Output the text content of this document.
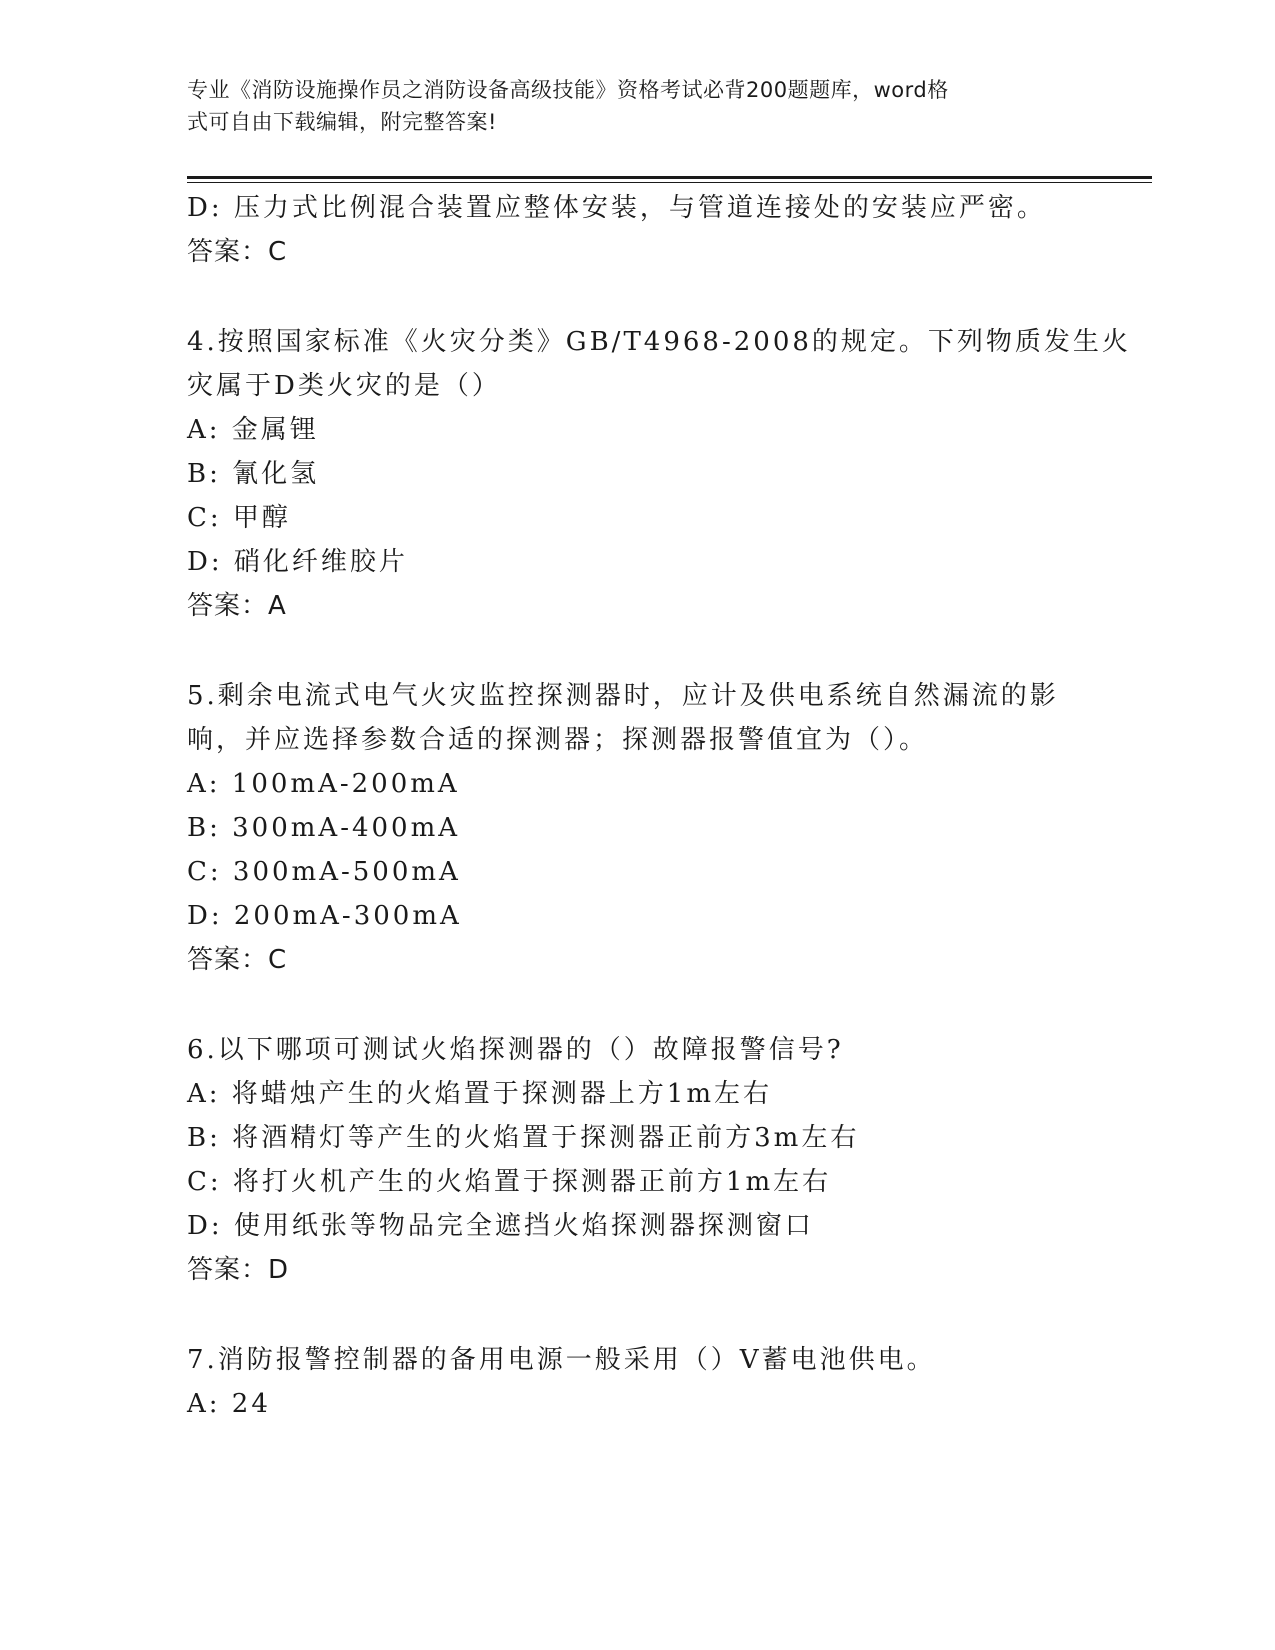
专业《消防设施操作员之消防设备高级技能》资格考试必背200题题库，word格
式可自由下载编辑，附完整答案!
D: 压力式比例混合装置应整体安装，与管道连接处的安装应严密。
答案：C
4.按照国家标准《火灾分类》GB/T4968-2008的规定。下列物质发生火
灾属于D类火灾的是（）
A: 金属锂
B: 氰化氢
C: 甲醇
D: 硝化纤维胶片
答案：A
5.剩余电流式电气火灾监控探测器时，应计及供电系统自然漏流的影
响，并应选择参数合适的探测器；探测器报警值宜为（）。
A: 100mA-200mA
B: 300mA-400mA
C: 300mA-500mA
D: 200mA-300mA
答案：C
6.以下哪项可测试火焰探测器的（）故障报警信号?
A: 将蜡烛产生的火焰置于探测器上方1m左右
B: 将酒精灯等产生的火焰置于探测器正前方3m左右
C: 将打火机产生的火焰置于探测器正前方1m左右
D: 使用纸张等物品完全遮挡火焰探测器探测窗口
答案：D
7.消防报警控制器的备用电源一般采用（）V蓄电池供电。
A: 24
